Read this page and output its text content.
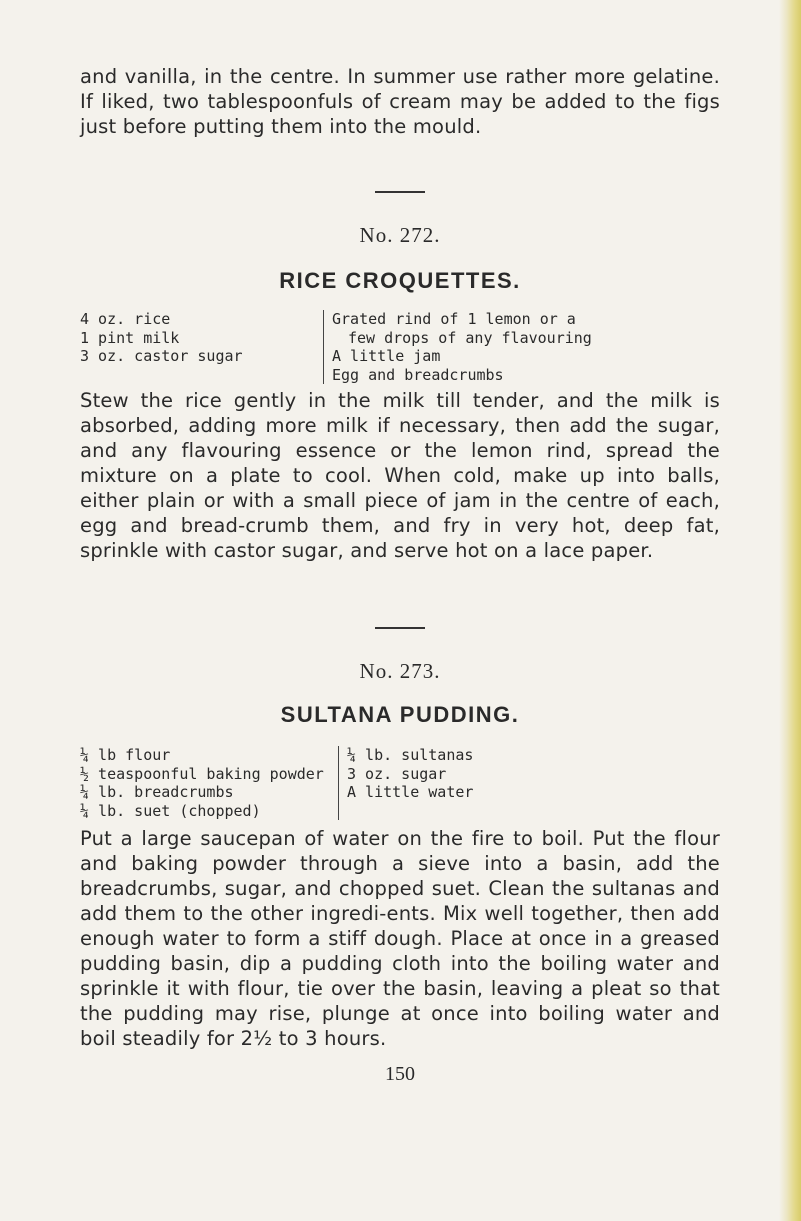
and vanilla, in the centre. In summer use rather more gelatine. If liked, two tablespoonfuls of cream may be added to the figs just before putting them into the mould.

No. 272.

RICE CROQUETTES.

4 oz. rice
1 pint milk
3 oz. castor sugar
Grated rind of 1 lemon or a
few drops of any flavouring
A little jam
Egg and breadcrumbs

Stew the rice gently in the milk till tender, and the milk is absorbed, adding more milk if necessary, then add the sugar, and any flavouring essence or the lemon rind, spread the mixture on a plate to cool. When cold, make up into balls, either plain or with a small piece of jam in the centre of each, egg and bread-crumb them, and fry in very hot, deep fat, sprinkle with castor sugar, and serve hot on a lace paper.

No. 273.

SULTANA PUDDING.

¼ lb flour
½ teaspoonful baking powder
¼ lb. breadcrumbs
¼ lb. suet (chopped)
¼ lb. sultanas
3 oz. sugar
A little water

Put a large saucepan of water on the fire to boil. Put the flour and baking powder through a sieve into a basin, add the breadcrumbs, sugar, and chopped suet. Clean the sultanas and add them to the other ingredi-ents. Mix well together, then add enough water to form a stiff dough. Place at once in a greased pudding basin, dip a pudding cloth into the boiling water and sprinkle it with flour, tie over the basin, leaving a pleat so that the pudding may rise, plunge at once into boiling water and boil steadily for 2½ to 3 hours.

150
